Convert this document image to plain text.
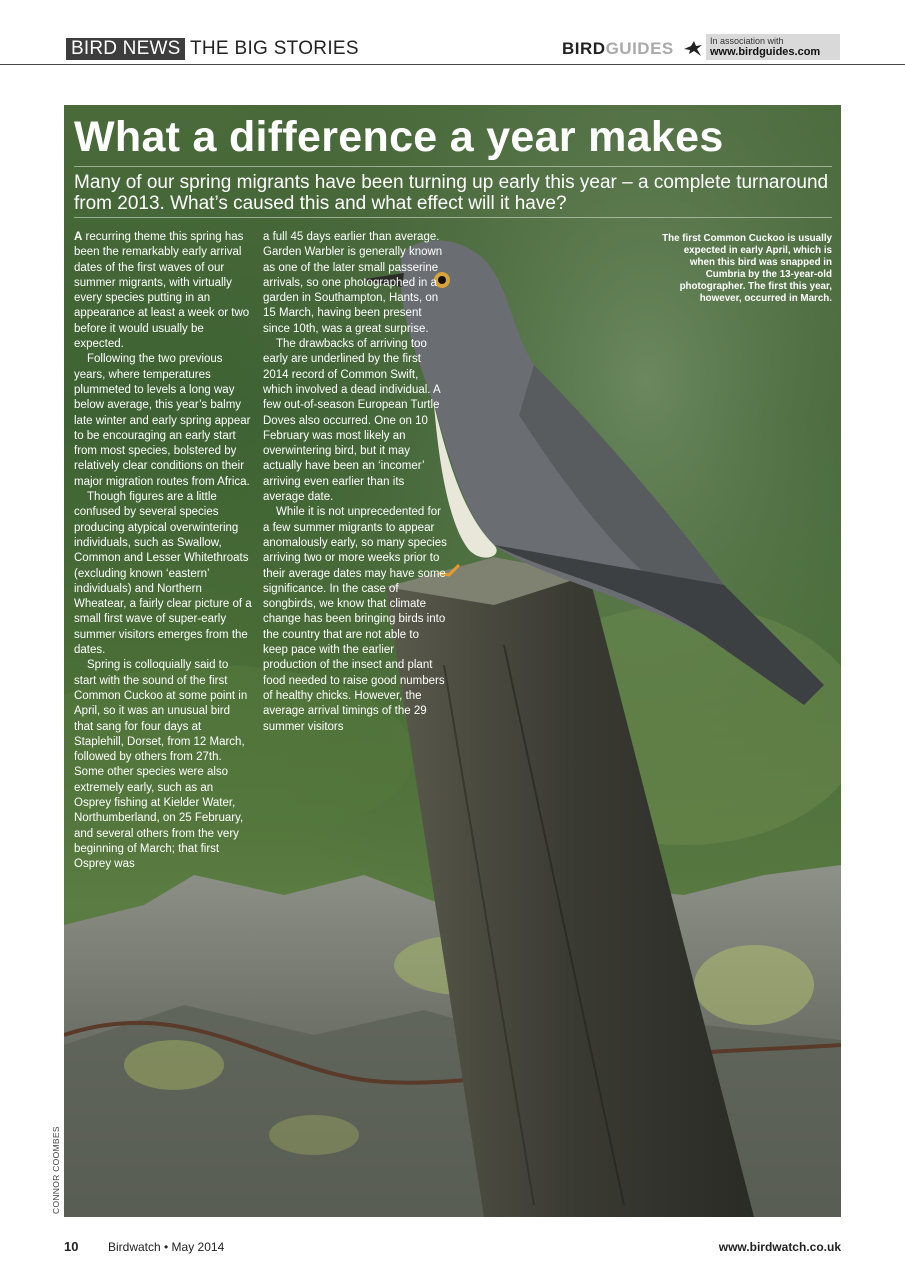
BIRD NEWS THE BIG STORIES	BIRDGUIDES	In association with
www.birdguides.com
What a difference a year makes
Many of our spring migrants have been turning up early this year – a complete turnaround from 2013. What’s caused this and what effect will it have?

A recurring theme this spring has been the remarkably early arrival dates of the first waves of our summer migrants, with virtually every species putting in an appearance at least a week or two before it would usually be expected.

Following the two previous years, where temperatures plummeted to levels a long way below average, this year’s balmy late winter and early spring appear to be encouraging an early start from most species, bolstered by relatively clear conditions on their major migration routes from Africa.

Though figures are a little confused by several species producing atypical overwintering individuals, such as Swallow, Common and Lesser Whitethroats (excluding known ‘eastern’ individuals) and Northern Wheatear, a fairly clear picture of a small first wave of super-early summer visitors emerges from the dates.

Spring is colloquially said to start with the sound of the first Common Cuckoo at some point in April, so it was an unusual bird that sang for four days at Staplehill, Dorset, from 12 March, followed by others from 27th. Some other species were also extremely early, such as an Osprey fishing at Kielder Water, Northumberland, on 25 February, and several others from the very beginning of March; that first Osprey was

a full 45 days earlier than average. Garden Warbler is generally known as one of the later small passerine arrivals, so one photographed in a garden in Southampton, Hants, on 15 March, having been present since 10th, was a great surprise.

The drawbacks of arriving too early are underlined by the first 2014 record of Common Swift, which involved a dead individual. A few out-of-season European Turtle Doves also occurred. One on 10 February was most likely an overwintering bird, but it may actually have been an ‘incomer’ arriving even earlier than its average date.

While it is not unprecedented for a few summer migrants to appear anomalously early, so many species arriving two or more weeks prior to their average dates may have some significance. In the case of songbirds, we know that climate change has been bringing birds into the country that are not able to keep pace with the earlier production of the insect and plant food needed to raise good numbers of healthy chicks. However, the average arrival timings of the 29 summer visitors

The first Common Cuckoo is usually expected in early April, which is when this bird was snapped in Cumbria by the 13-year-old photographer. The first this year, however, occurred in March.
CONNOR COOMBES
10 Birdwatch • May 2014	www.birdwatch.co.uk
